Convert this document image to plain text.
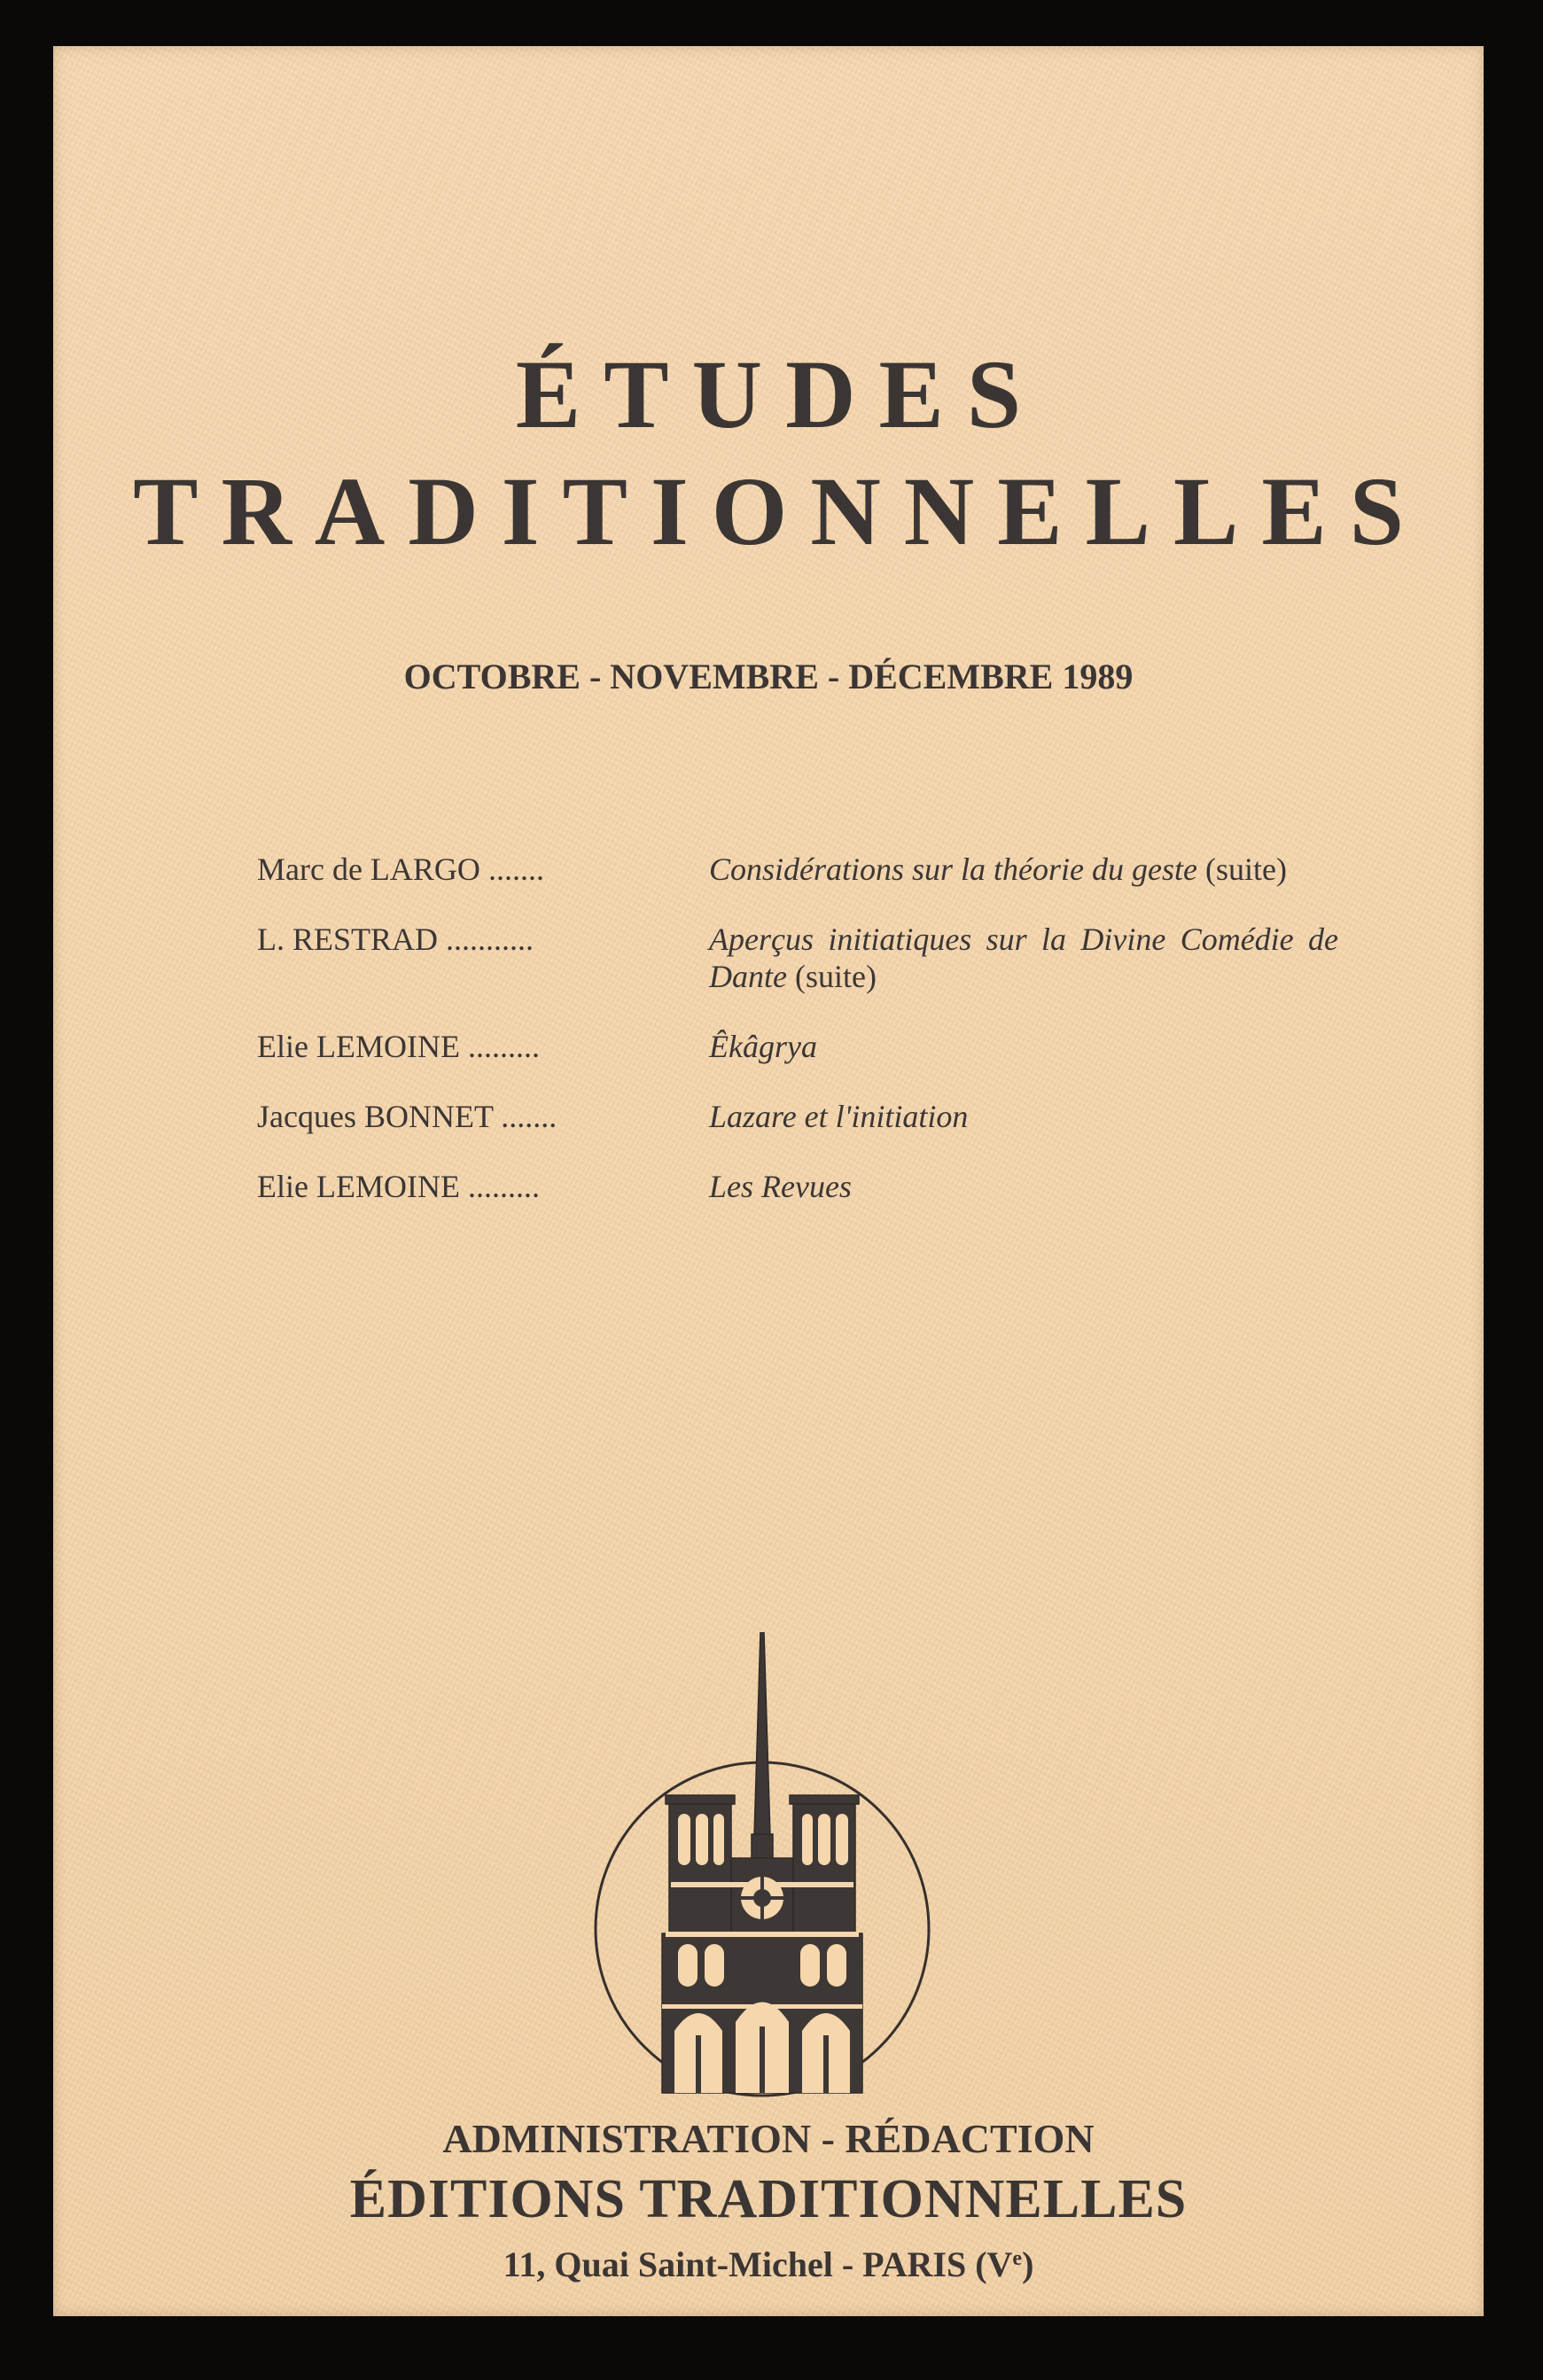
ÉTUDES
TRADITIONNELLES
OCTOBRE - NOVEMBRE - DÉCEMBRE 1989
Marc de LARGO .......	Considérations sur la théorie du geste (suite)
L. RESTRAD ...........	Aperçus initiatiques sur la Divine Comédie de Dante (suite)
Elie LEMOINE .........	Êkâgrya
Jacques BONNET .......	Lazare et l'initiation
Elie LEMOINE .........	Les Revues
ADMINISTRATION - RÉDACTION
ÉDITIONS TRADITIONNELLES
11, Quai Saint-Michel - PARIS (Ve)
